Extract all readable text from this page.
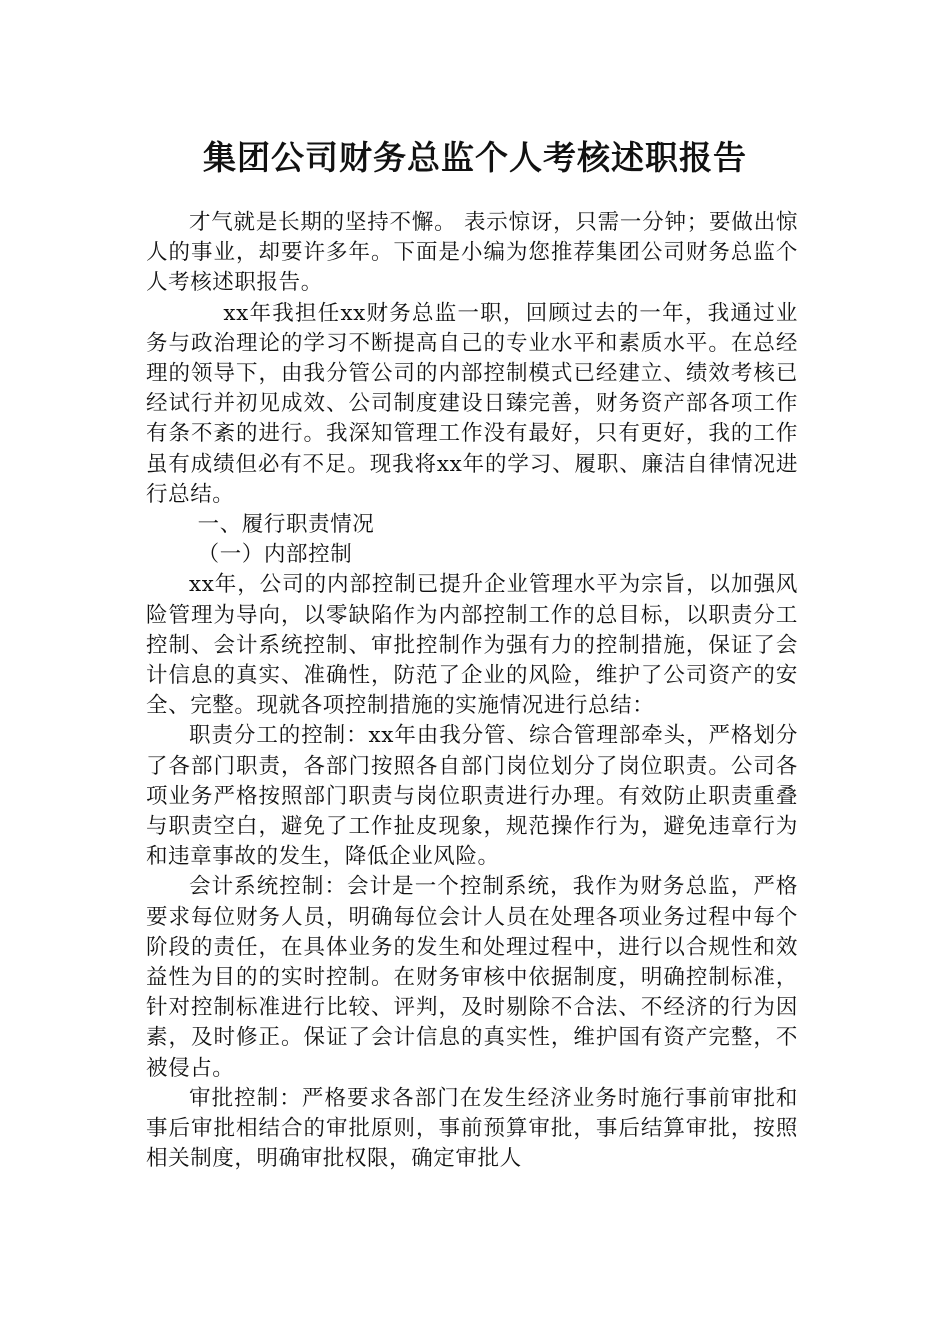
集团公司财务总监个人考核述职报告

才气就是长期的坚持不懈。 表示惊讶，只需一分钟；要做出惊人的事业，却要许多年。下面是小编为您推荐集团公司财务总监个人考核述职报告。

xx年我担任xx财务总监一职，回顾过去的一年，我通过业务与政治理论的学习不断提高自己的专业水平和素质水平。在总经理的领导下，由我分管公司的内部控制模式已经建立、绩效考核已经试行并初见成效、公司制度建设日臻完善，财务资产部各项工作有条不紊的进行。我深知管理工作没有最好，只有更好，我的工作虽有成绩但必有不足。现我将xx年的学习、履职、廉洁自律情况进行总结。

一、履行职责情况

（一）内部控制

xx年，公司的内部控制已提升企业管理水平为宗旨，以加强风险管理为导向，以零缺陷作为内部控制工作的总目标，以职责分工控制、会计系统控制、审批控制作为强有力的控制措施，保证了会计信息的真实、准确性，防范了企业的风险，维护了公司资产的安全、完整。现就各项控制措施的实施情况进行总结：

职责分工的控制：xx年由我分管、综合管理部牵头，严格划分了各部门职责，各部门按照各自部门岗位划分了岗位职责。公司各项业务严格按照部门职责与岗位职责进行办理。有效防止职责重叠与职责空白，避免了工作扯皮现象，规范操作行为，避免违章行为和违章事故的发生，降低企业风险。

会计系统控制：会计是一个控制系统，我作为财务总监，严格要求每位财务人员，明确每位会计人员在处理各项业务过程中每个阶段的责任，在具体业务的发生和处理过程中，进行以合规性和效益性为目的的实时控制。在财务审核中依据制度，明确控制标准，针对控制标准进行比较、评判，及时剔除不合法、不经济的行为因素，及时修正。保证了会计信息的真实性，维护国有资产完整，不被侵占。

审批控制：严格要求各部门在发生经济业务时施行事前审批和事后审批相结合的审批原则，事前预算审批，事后结算审批，按照相关制度，明确审批权限，确定审批人
